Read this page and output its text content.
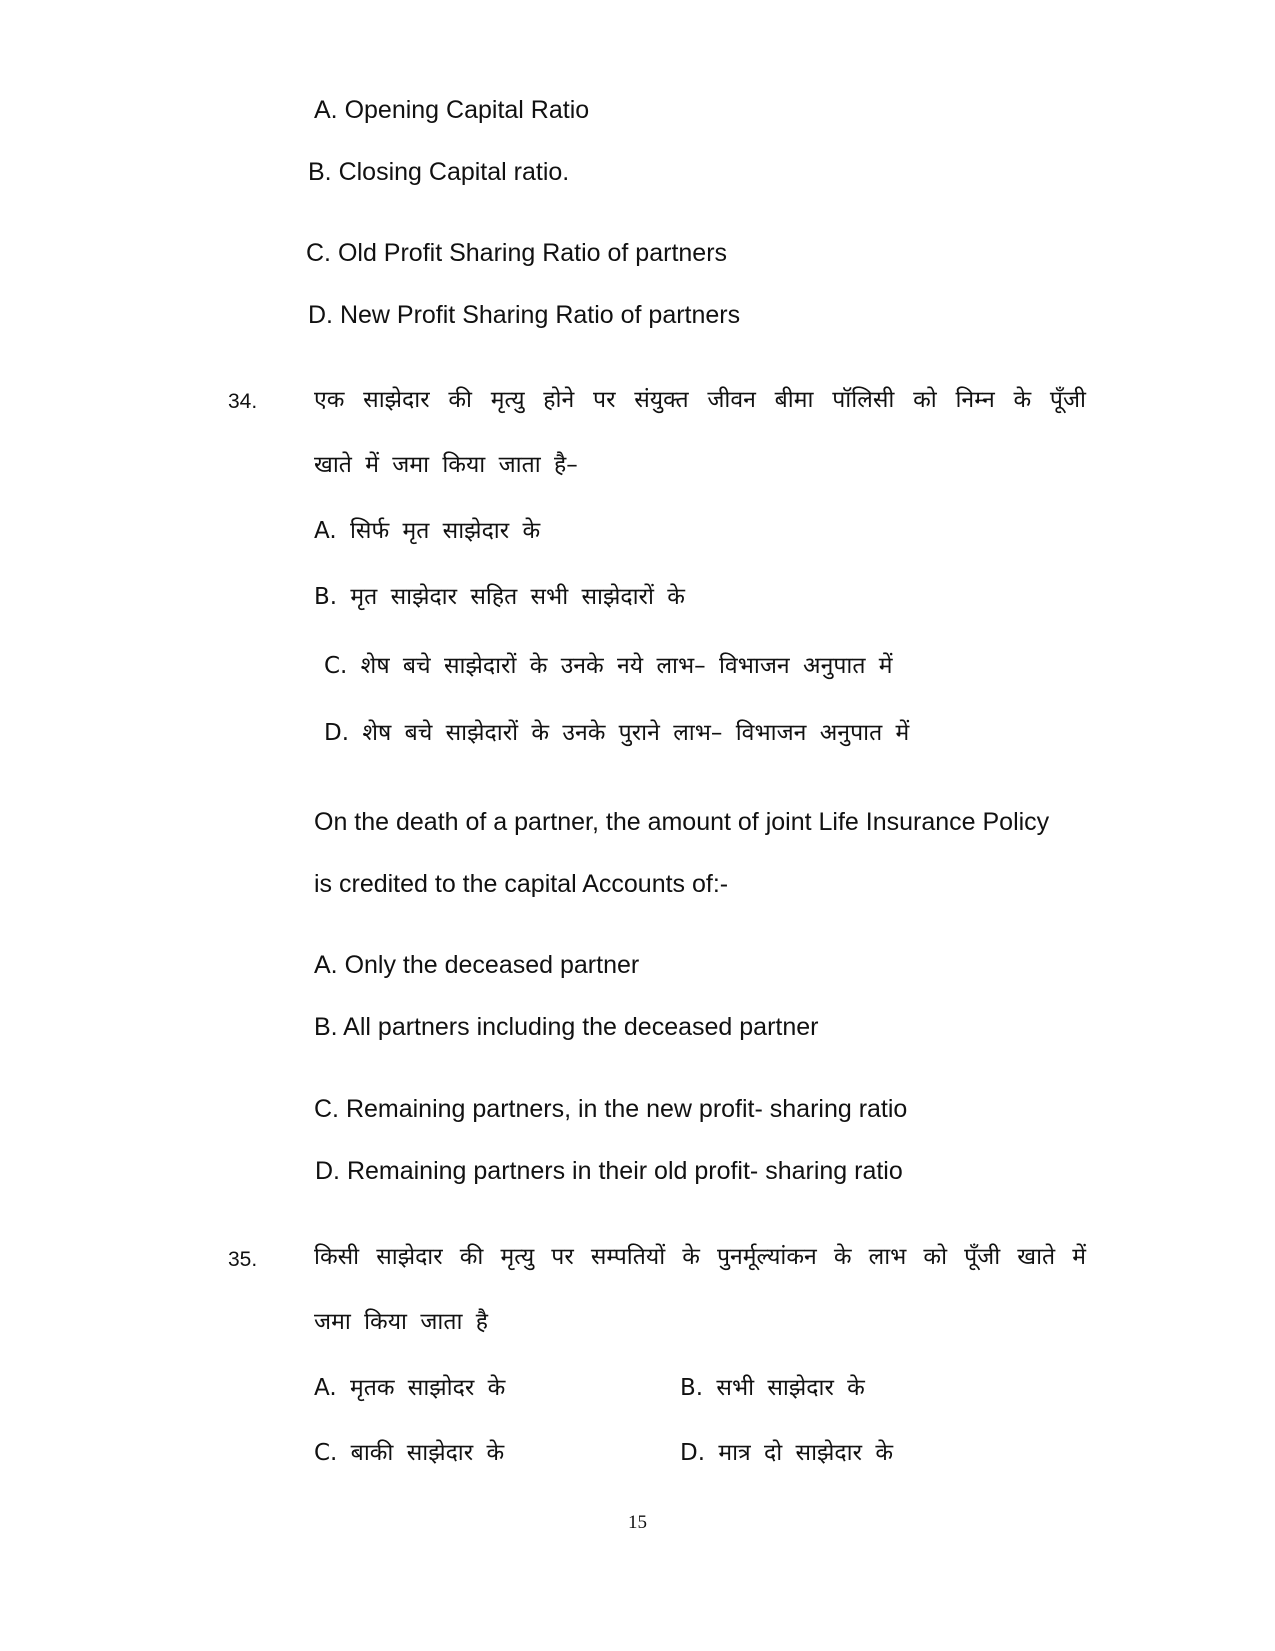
A. Opening Capital Ratio
B. Closing Capital ratio.
C. Old Profit Sharing Ratio of partners
D. New Profit Sharing Ratio of partners
34. एक साझेदार की मृत्यु होने पर संयुक्त जीवन बीमा पॉलिसी को निम्न के पूँजी
खाते में जमा किया जाता है–
A. सिर्फ मृत साझेदार के
B. मृत साझेदार सहित सभी साझेदारों के
C. शेष बचे साझेदारों के उनके नये लाभ– विभाजन अनुपात में
D. शेष बचे साझेदारों के उनके पुराने लाभ– विभाजन अनुपात में
On the death of a partner, the amount of joint Life Insurance Policy
is credited to the capital Accounts of:-
A. Only the deceased partner
B. All partners including the deceased partner
C. Remaining partners, in the new profit- sharing ratio
D. Remaining partners in their old profit- sharing ratio
35. किसी साझेदार की मृत्यु पर सम्पतियों के पुनर्मूल्यांकन के लाभ को पूँजी खाते में
जमा किया जाता है
A. मृतक साझोदर के	B. सभी साझेदार के
C. बाकी साझेदार के	D. मात्र दो साझेदार के
15
